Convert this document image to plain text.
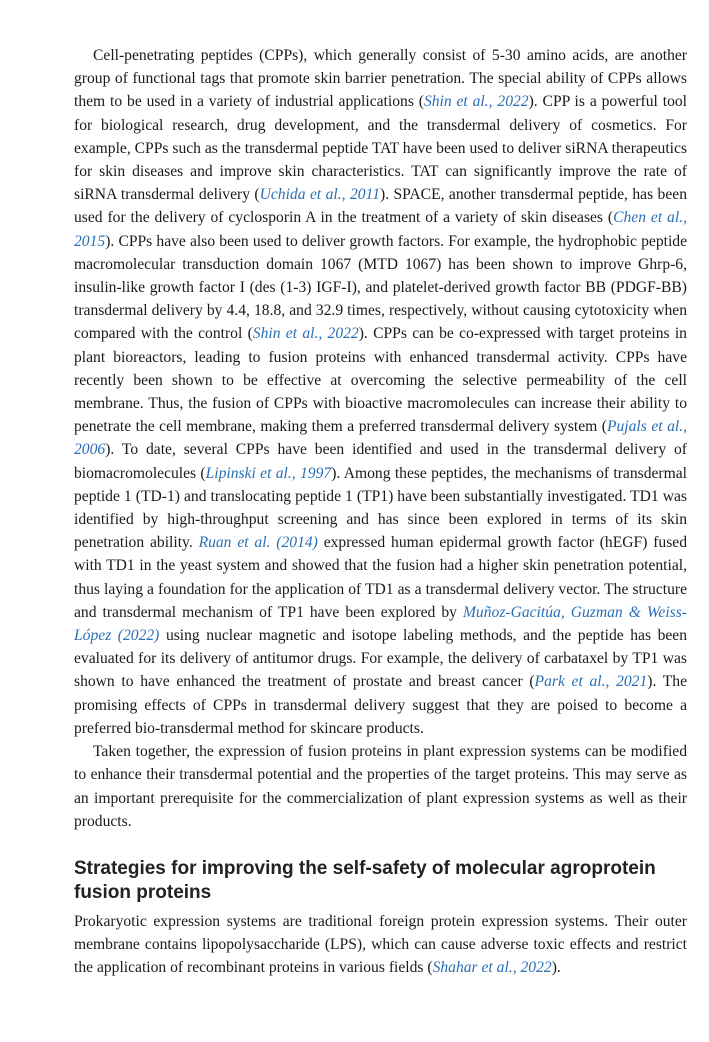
Cell-penetrating peptides (CPPs), which generally consist of 5-30 amino acids, are another group of functional tags that promote skin barrier penetration. The special ability of CPPs allows them to be used in a variety of industrial applications (Shin et al., 2022). CPP is a powerful tool for biological research, drug development, and the transdermal delivery of cosmetics. For example, CPPs such as the transdermal peptide TAT have been used to deliver siRNA therapeutics for skin diseases and improve skin characteristics. TAT can significantly improve the rate of siRNA transdermal delivery (Uchida et al., 2011). SPACE, another transdermal peptide, has been used for the delivery of cyclosporin A in the treatment of a variety of skin diseases (Chen et al., 2015). CPPs have also been used to deliver growth factors. For example, the hydrophobic peptide macromolecular transduction domain 1067 (MTD 1067) has been shown to improve Ghrp-6, insulin-like growth factor I (des (1-3) IGF-I), and platelet-derived growth factor BB (PDGF-BB) transdermal delivery by 4.4, 18.8, and 32.9 times, respectively, without causing cytotoxicity when compared with the control (Shin et al., 2022). CPPs can be co-expressed with target proteins in plant bioreactors, leading to fusion proteins with enhanced transdermal activity. CPPs have recently been shown to be effective at overcoming the selective permeability of the cell membrane. Thus, the fusion of CPPs with bioactive macromolecules can increase their ability to penetrate the cell membrane, making them a preferred transdermal delivery system (Pujals et al., 2006). To date, several CPPs have been identified and used in the transdermal delivery of biomacromolecules (Lipinski et al., 1997). Among these peptides, the mechanisms of transdermal peptide 1 (TD-1) and translocating peptide 1 (TP1) have been substantially investigated. TD1 was identified by high-throughput screening and has since been explored in terms of its skin penetration ability. Ruan et al. (2014) expressed human epidermal growth factor (hEGF) fused with TD1 in the yeast system and showed that the fusion had a higher skin penetration potential, thus laying a foundation for the application of TD1 as a transdermal delivery vector. The structure and transdermal mechanism of TP1 have been explored by Muñoz-Gacitúa, Guzman & Weiss-López (2022) using nuclear magnetic and isotope labeling methods, and the peptide has been evaluated for its delivery of antitumor drugs. For example, the delivery of carbataxel by TP1 was shown to have enhanced the treatment of prostate and breast cancer (Park et al., 2021). The promising effects of CPPs in transdermal delivery suggest that they are poised to become a preferred bio-transdermal method for skincare products.

Taken together, the expression of fusion proteins in plant expression systems can be modified to enhance their transdermal potential and the properties of the target proteins. This may serve as an important prerequisite for the commercialization of plant expression systems as well as their products.

Strategies for improving the self-safety of molecular agroprotein fusion proteins

Prokaryotic expression systems are traditional foreign protein expression systems. Their outer membrane contains lipopolysaccharide (LPS), which can cause adverse toxic effects and restrict the application of recombinant proteins in various fields (Shahar et al., 2022).
